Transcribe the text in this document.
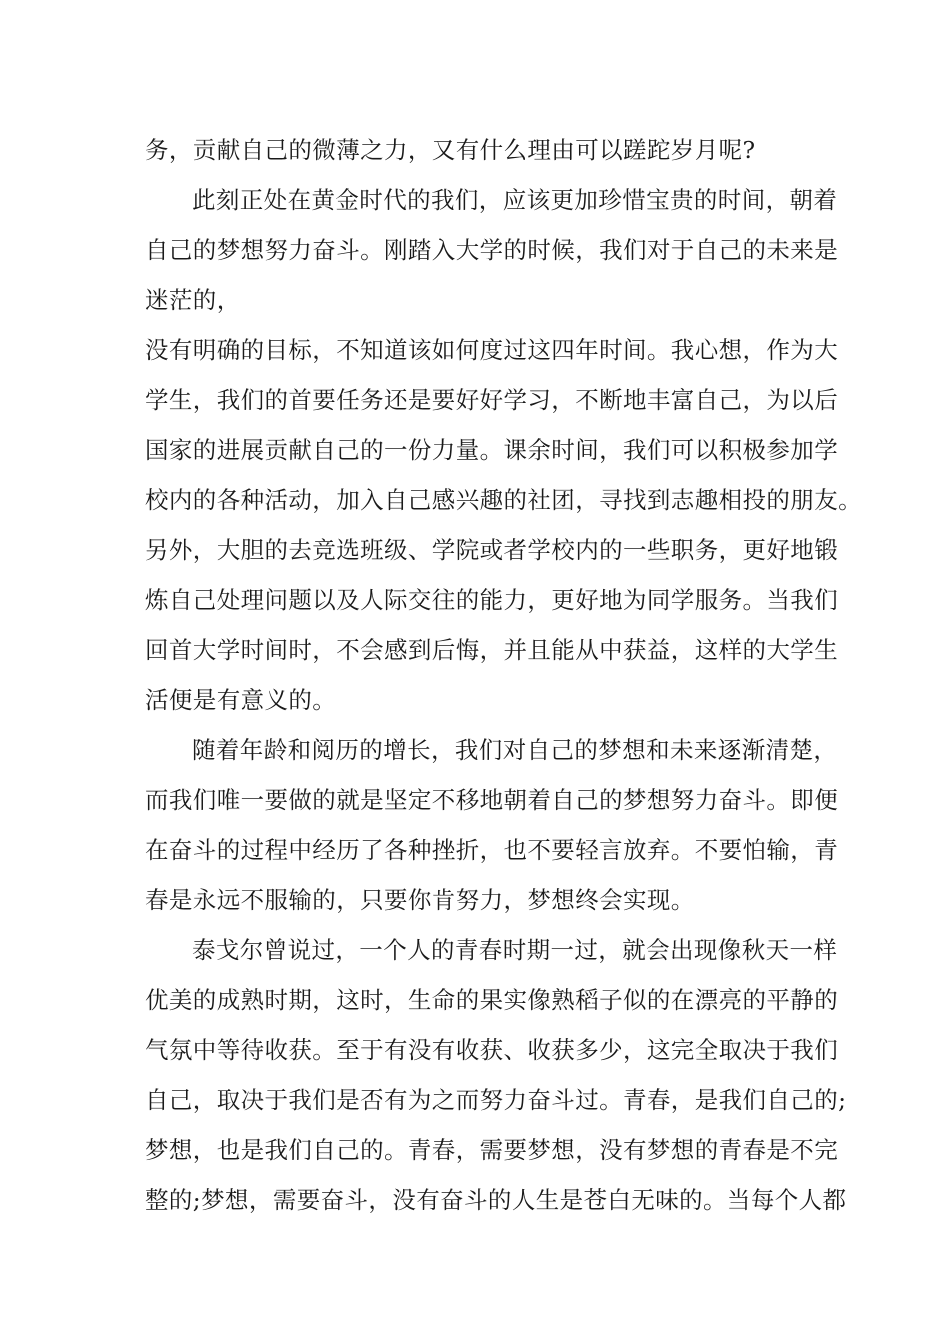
务，贡献自己的微薄之力，又有什么理由可以蹉跎岁月呢?
此刻正处在黄金时代的我们，应该更加珍惜宝贵的时间，朝着
自己的梦想努力奋斗。刚踏入大学的时候，我们对于自己的未来是
迷茫的，
没有明确的目标，不知道该如何度过这四年时间。我心想，作为大
学生，我们的首要任务还是要好好学习，不断地丰富自己，为以后
国家的进展贡献自己的一份力量。课余时间，我们可以积极参加学
校内的各种活动，加入自己感兴趣的社团，寻找到志趣相投的朋友。
另外，大胆的去竞选班级、学院或者学校内的一些职务，更好地锻
炼自己处理问题以及人际交往的能力，更好地为同学服务。当我们
回首大学时间时，不会感到后悔，并且能从中获益，这样的大学生
活便是有意义的。
随着年龄和阅历的增长，我们对自己的梦想和未来逐渐清楚，
而我们唯一要做的就是坚定不移地朝着自己的梦想努力奋斗。即便
在奋斗的过程中经历了各种挫折，也不要轻言放弃。不要怕输，青
春是永远不服输的，只要你肯努力，梦想终会实现。
泰戈尔曾说过，一个人的青春时期一过，就会出现像秋天一样
优美的成熟时期，这时，生命的果实像熟稻子似的在漂亮的平静的
气氛中等待收获。至于有没有收获、收获多少，这完全取决于我们
自己，取决于我们是否有为之而努力奋斗过。青春，是我们自己的;
梦想，也是我们自己的。青春，需要梦想，没有梦想的青春是不完
整的;梦想，需要奋斗，没有奋斗的人生是苍白无味的。当每个人都
